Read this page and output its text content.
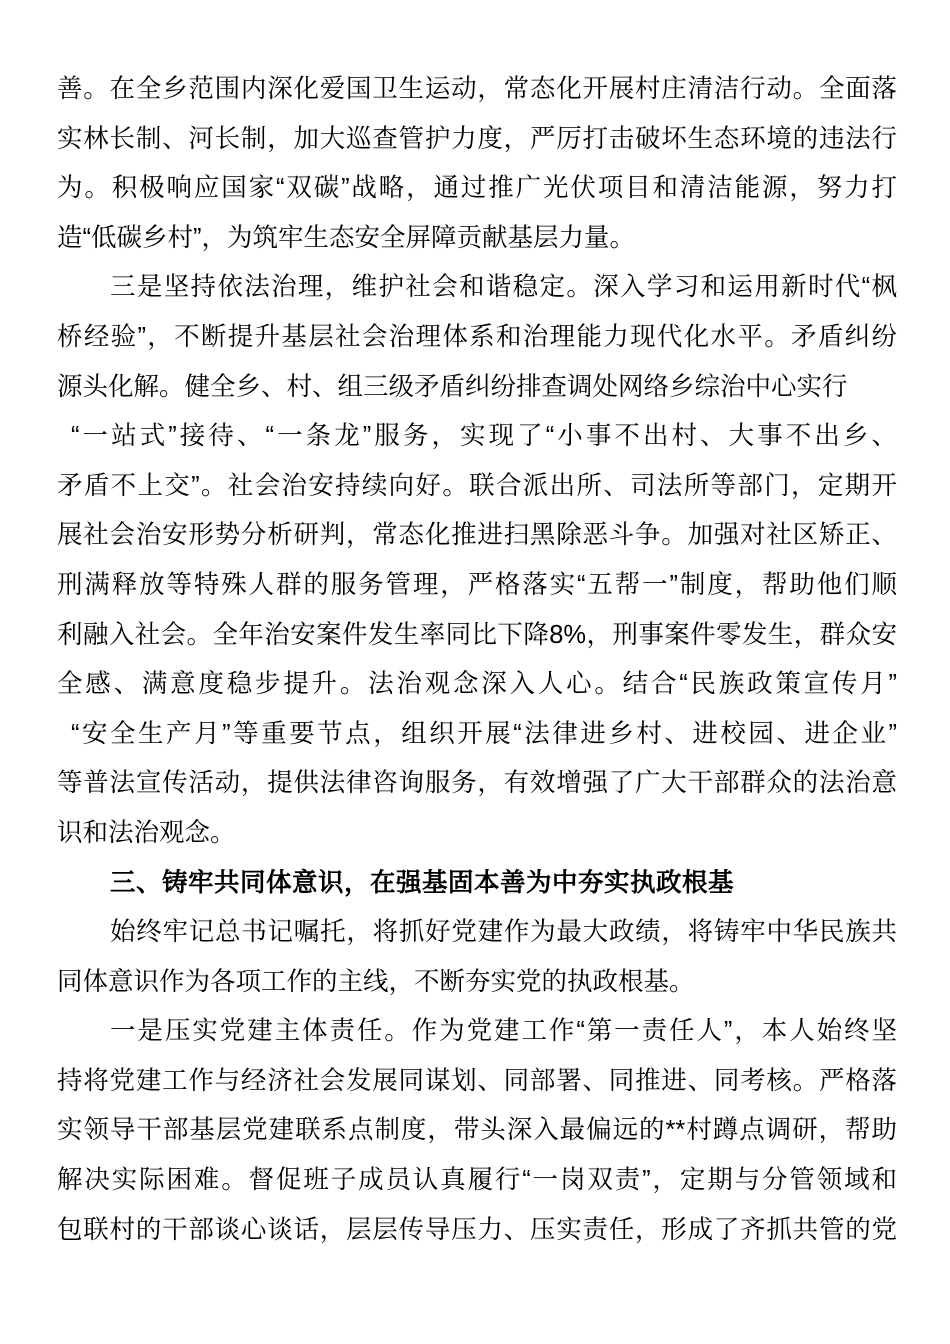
善。在全乡范围内深化爱国卫生运动，常态化开展村庄清洁行动。全面落
实林长制、河长制，加大巡查管护力度，严厉打击破坏生态环境的违法行
为。积极响应国家“双碳”战略，通过推广光伏项目和清洁能源，努力打
造“低碳乡村”，为筑牢生态安全屏障贡献基层力量。
三是坚持依法治理，维护社会和谐稳定。深入学习和运用新时代“枫
桥经验”，不断提升基层社会治理体系和治理能力现代化水平。矛盾纠纷
源头化解。健全乡、村、组三级矛盾纠纷排查调处网络乡综治中心实行
“一站式”接待、“一条龙”服务，实现了“小事不出村、大事不出乡、
矛盾不上交”。社会治安持续向好。联合派出所、司法所等部门，定期开
展社会治安形势分析研判，常态化推进扫黑除恶斗争。加强对社区矫正、
刑满释放等特殊人群的服务管理，严格落实“五帮一”制度，帮助他们顺
利融入社会。全年治安案件发生率同比下降8%，刑事案件零发生，群众安
全感、满意度稳步提升。法治观念深入人心。结合“民族政策宣传月”
“安全生产月”等重要节点，组织开展“法律进乡村、进校园、进企业”
等普法宣传活动，提供法律咨询服务，有效增强了广大干部群众的法治意
识和法治观念。
三、铸牢共同体意识，在强基固本善为中夯实执政根基
始终牢记总书记嘱托，将抓好党建作为最大政绩，将铸牢中华民族共
同体意识作为各项工作的主线，不断夯实党的执政根基。
一是压实党建主体责任。作为党建工作“第一责任人”，本人始终坚
持将党建工作与经济社会发展同谋划、同部署、同推进、同考核。严格落
实领导干部基层党建联系点制度，带头深入最偏远的**村蹲点调研，帮助
解决实际困难。督促班子成员认真履行“一岗双责”，定期与分管领域和
包联村的干部谈心谈话，层层传导压力、压实责任，形成了齐抓共管的党
